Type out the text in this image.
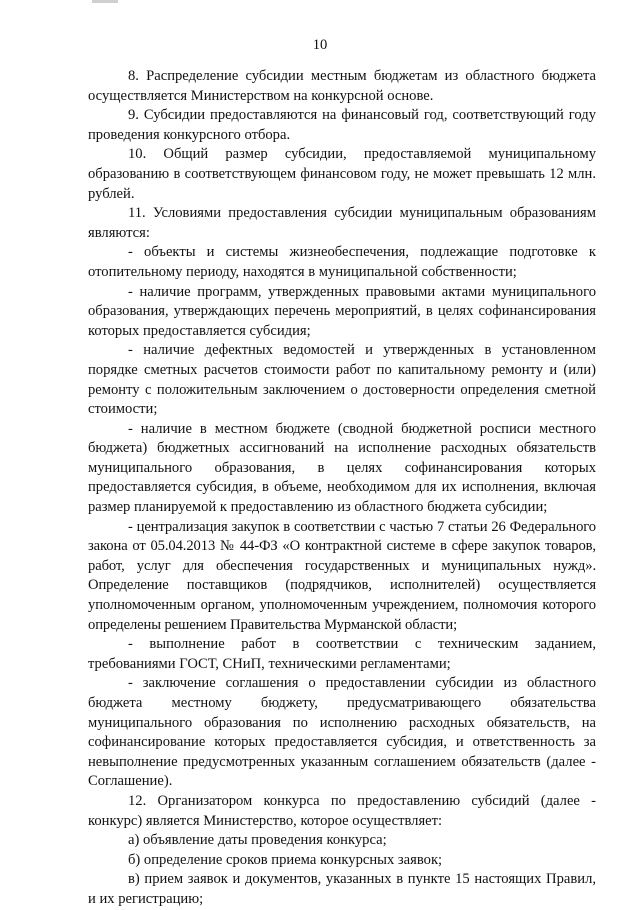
10

8. Распределение субсидии местным бюджетам из областного бюджета осуществляется Министерством на конкурсной основе.

9. Субсидии предоставляются на финансовый год, соответствующий году проведения конкурсного отбора.

10. Общий размер субсидии, предоставляемой муниципальному образованию в соответствующем финансовом году, не может превышать 12 млн. рублей.

11. Условиями предоставления субсидии муниципальным образованиям являются:

- объекты и системы жизнеобеспечения, подлежащие подготовке к отопительному периоду, находятся в муниципальной собственности;

- наличие программ, утвержденных правовыми актами муниципального образования, утверждающих перечень мероприятий, в целях софинансирования которых предоставляется субсидия;

- наличие дефектных ведомостей и утвержденных в установленном порядке сметных расчетов стоимости работ по капитальному ремонту и (или) ремонту с положительным заключением о достоверности определения сметной стоимости;

- наличие в местном бюджете (сводной бюджетной росписи местного бюджета) бюджетных ассигнований на исполнение расходных обязательств муниципального образования, в целях софинансирования которых предоставляется субсидия, в объеме, необходимом для их исполнения, включая размер планируемой к предоставлению из областного бюджета субсидии;

- централизация закупок в соответствии с частью 7 статьи 26 Федерального закона от 05.04.2013 № 44-ФЗ «О контрактной системе в сфере закупок товаров, работ, услуг для обеспечения государственных и муниципальных нужд». Определение поставщиков (подрядчиков, исполнителей) осуществляется уполномоченным органом, уполномоченным учреждением, полномочия которого определены решением Правительства Мурманской области;

- выполнение работ в соответствии с техническим заданием, требованиями ГОСТ, СНиП, техническими регламентами;

- заключение соглашения о предоставлении субсидии из областного бюджета местному бюджету, предусматривающего обязательства муниципального образования по исполнению расходных обязательств, на софинансирование которых предоставляется субсидия, и ответственность за невыполнение предусмотренных указанным соглашением обязательств (далее - Соглашение).

12. Организатором конкурса по предоставлению субсидий (далее - конкурс) является Министерство, которое осуществляет:

а) объявление даты проведения конкурса;

б) определение сроков приема конкурсных заявок;

в) прием заявок и документов, указанных в пункте 15 настоящих Правил, и их регистрацию;
